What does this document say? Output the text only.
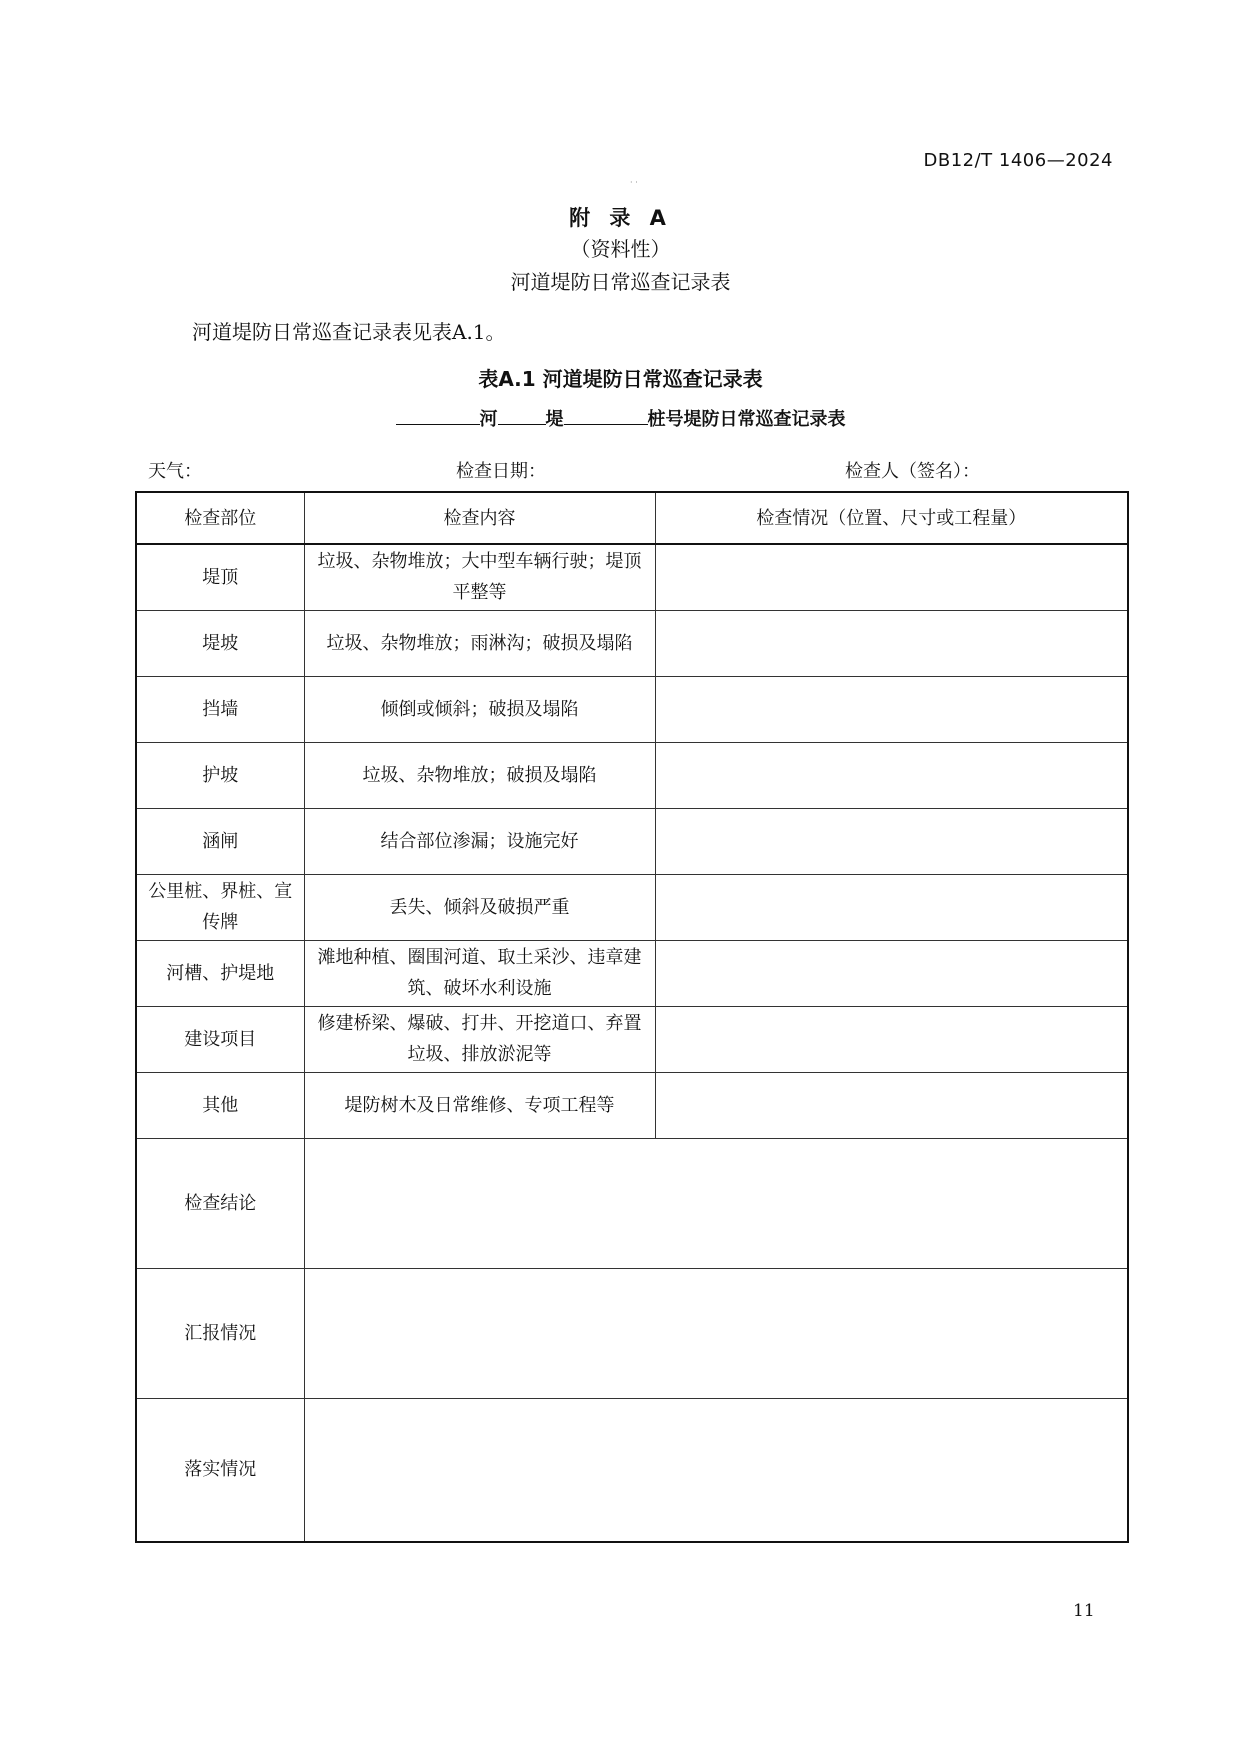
DB12/T 1406—2024
· ·
附 录 A
（资料性）
河道堤防日常巡查记录表
河道堤防日常巡查记录表见表A.1。
表A.1 河道堤防日常巡查记录表
河	堤	桩号堤防日常巡查记录表
天气：	检查日期：	检查人（签名）：
检查部位	检查内容	检查情况（位置、尺寸或工程量）
堤顶	垃圾、杂物堆放；大中型车辆行驶；堤顶平整等	
堤坡	垃圾、杂物堆放；雨淋沟；破损及塌陷	
挡墙	倾倒或倾斜；破损及塌陷	
护坡	垃圾、杂物堆放；破损及塌陷	
涵闸	结合部位渗漏；设施完好	
公里桩、界桩、宣传牌	丢失、倾斜及破损严重	
河槽、护堤地	滩地种植、圈围河道、取土采沙、违章建筑、破坏水利设施	
建设项目	修建桥梁、爆破、打井、开挖道口、弃置垃圾、排放淤泥等	
其他	堤防树木及日常维修、专项工程等	
检查结论		
汇报情况		
落实情况		
11
